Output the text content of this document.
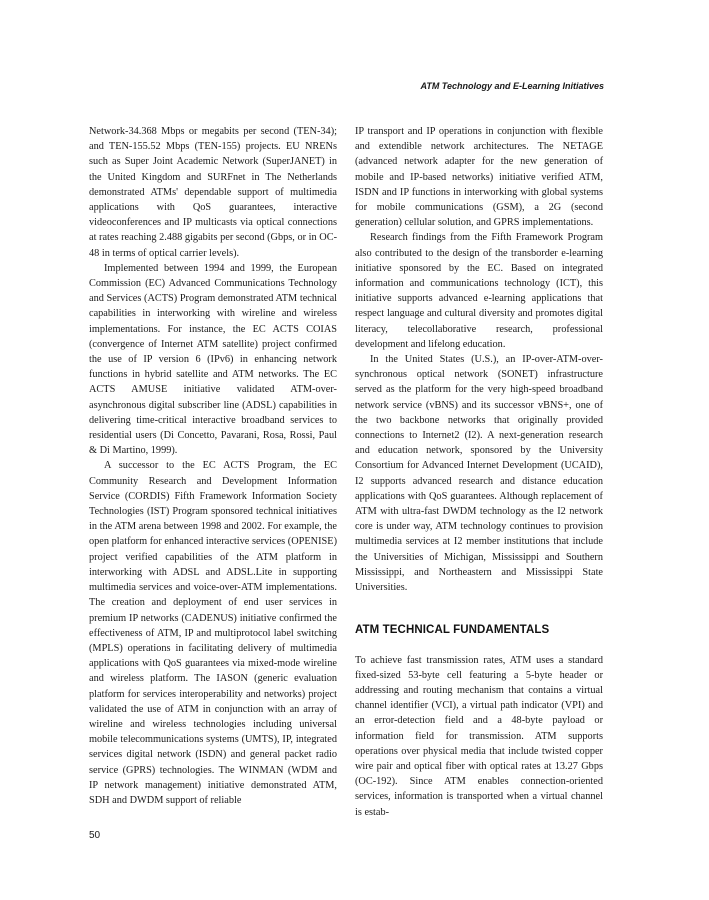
ATM Technology and E-Learning Initiatives

Network-34.368 Mbps or megabits per second (TEN-34); and TEN-155.52 Mbps (TEN-155) projects. EU NRENs such as Super Joint Academic Network (SuperJANET) in the United Kingdom and SURFnet in The Netherlands demonstrated ATMs' dependable support of multimedia applications with QoS guarantees, interactive videoconferences and IP multicasts via optical connections at rates reaching 2.488 gigabits per second (Gbps, or in OC-48 in terms of optical carrier levels).

Implemented between 1994 and 1999, the European Commission (EC) Advanced Communications Technology and Services (ACTS) Program demonstrated ATM technical capabilities in interworking with wireline and wireless implementations. For instance, the EC ACTS COIAS (convergence of Internet ATM satellite) project confirmed the use of IP version 6 (IPv6) in enhancing network functions in hybrid satellite and ATM networks. The EC ACTS AMUSE initiative validated ATM-over-asynchronous digital subscriber line (ADSL) capabilities in delivering time-critical interactive broadband services to residential users (Di Concetto, Pavarani, Rosa, Rossi, Paul & Di Martino, 1999).

A successor to the EC ACTS Program, the EC Community Research and Development Information Service (CORDIS) Fifth Framework Information Society Technologies (IST) Program sponsored technical initiatives in the ATM arena between 1998 and 2002. For example, the open platform for enhanced interactive services (OPENISE) project verified capabilities of the ATM platform in interworking with ADSL and ADSL.Lite in supporting multimedia services and voice-over-ATM implementations. The creation and deployment of end user services in premium IP networks (CADENUS) initiative confirmed the effectiveness of ATM, IP and multiprotocol label switching (MPLS) operations in facilitating delivery of multimedia applications with QoS guarantees via mixed-mode wireline and wireless platform. The IASON (generic evaluation platform for services interoperability and networks) project validated the use of ATM in conjunction with an array of wireline and wireless technologies including universal mobile telecommunications systems (UMTS), IP, integrated services digital network (ISDN) and general packet radio service (GPRS) technologies. The WINMAN (WDM and IP network management) initiative demonstrated ATM, SDH and DWDM support of reliable

IP transport and IP operations in conjunction with flexible and extendible network architectures. The NETAGE (advanced network adapter for the new generation of mobile and IP-based networks) initiative verified ATM, ISDN and IP functions in interworking with global systems for mobile communications (GSM), a 2G (second generation) cellular solution, and GPRS implementations.

Research findings from the Fifth Framework Program also contributed to the design of the transborder e-learning initiative sponsored by the EC. Based on integrated information and communications technology (ICT), this initiative supports advanced e-learning applications that respect language and cultural diversity and promotes digital literacy, telecollaborative research, professional development and lifelong education.

In the United States (U.S.), an IP-over-ATM-over-synchronous optical network (SONET) infrastructure served as the platform for the very high-speed broadband network service (vBNS) and its successor vBNS+, one of the two backbone networks that originally provided connections to Internet2 (I2). A next-generation research and education network, sponsored by the University Consortium for Advanced Internet Development (UCAID), I2 supports advanced research and distance education applications with QoS guarantees. Although replacement of ATM with ultra-fast DWDM technology as the I2 network core is under way, ATM technology continues to provision multimedia services at I2 member institutions that include the Universities of Michigan, Mississippi and Southern Mississippi, and Northeastern and Mississippi State Universities.

ATM TECHNICAL FUNDAMENTALS

To achieve fast transmission rates, ATM uses a standard fixed-sized 53-byte cell featuring a 5-byte header or addressing and routing mechanism that contains a virtual channel identifier (VCI), a virtual path indicator (VPI) and an error-detection field and a 48-byte payload or information field for transmission. ATM supports operations over physical media that include twisted copper wire pair and optical fiber with optical rates at 13.27 Gbps (OC-192). Since ATM enables connection-oriented services, information is transported when a virtual channel is estab-

50
